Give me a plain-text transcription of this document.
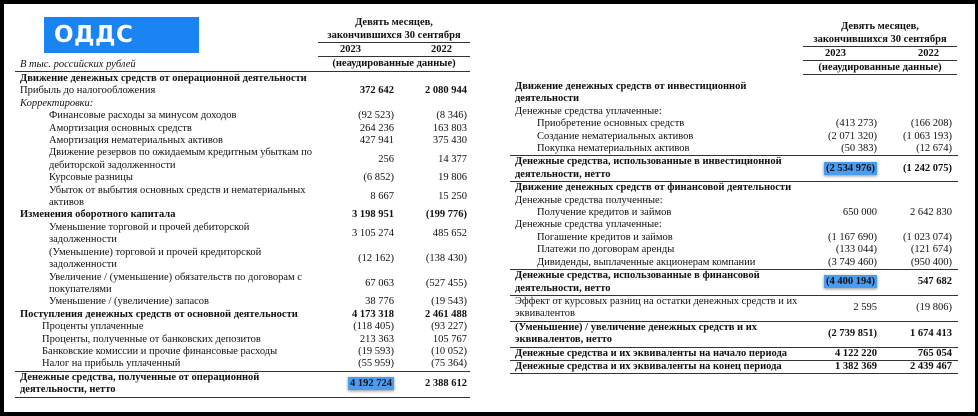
ОДДС	Девять месяцев,
закончившихся 30 сентября
2023	2022
(неаудированные данные)
В тыс. российских рублей
Движение денежных средств от операционной деятельности
Прибыль до налогообложения	372 642	2 080 944
Корректировки:
Финансовые расходы за минусом доходов	(92 523)	(8 346)
Амортизация основных средств	264 236	163 803
Амортизация нематериальных активов	427 941	375 430
Движение резервов по ожидаемым кредитным убыткам по дебиторской задолженности
256	14 377
Курсовые разницы	(6 852)	19 806
Убыток от выбытия основных средств и нематериальных активов
8 667	15 250
Изменения оборотного капитала	3 198 951	(199 776)
Уменьшение торговой и прочей дебиторской задолженности
3 105 274	485 652
(Уменьшение) торговой и прочей кредиторской задолженности
(12 162)	(138 430)
Увеличение / (уменьшение) обязательств по договорам с покупателями
67 063	(527 455)
Уменьшение / (увеличение) запасов	38 776	(19 543)
Поступления денежных средств от основной деятельности	4 173 318	2 461 488
Проценты уплаченные	(118 405)	(93 227)
Проценты, полученные от банковских депозитов	213 363	105 767
Банковские комиссии и прочие финансовые расходы	(19 593)	(10 052)
Налог на прибыль уплаченный	(55 959)	(75 364)
Денежные средства, полученные от операционной деятельности, нетто
4 192 724	2 388 612
Девять месяцев,
закончившихся 30 сентября
2023	2022
(неаудированные данные)
Движение денежных средств от инвестиционной деятельности
Денежные средства уплаченные:
Приобретение основных средств	(413 273)	(166 208)
Создание нематериальных активов	(2 071 320)	(1 063 193)
Покупка нематериальных активов	(50 383)	(12 674)
Денежные средства, использованные в инвестиционной деятельности, нетто
(2 534 976)	(1 242 075)
Движение денежных средств от финансовой деятельности
Денежные средства полученные:
Получение кредитов и займов	650 000	2 642 830
Денежные средства уплаченные:
Погашение кредитов и займов	(1 167 690)	(1 023 074)
Платежи по договорам аренды	(133 044)	(121 674)
Дивиденды, выплаченные акционерам компании	(3 749 460)	(950 400)
Денежные средства, использованные в финансовой деятельности, нетто
(4 400 194)	547 682
Эффект от курсовых разниц на остатки денежных средств и их эквивалентов
2 595	(19 806)
(Уменьшение) / увеличение денежных средств и их эквивалентов, нетто
(2 739 851)	1 674 413
Денежные средства и их эквиваленты на начало периода	4 122 220	765 054
Денежные средства и их эквиваленты на конец периода	1 382 369	2 439 467
